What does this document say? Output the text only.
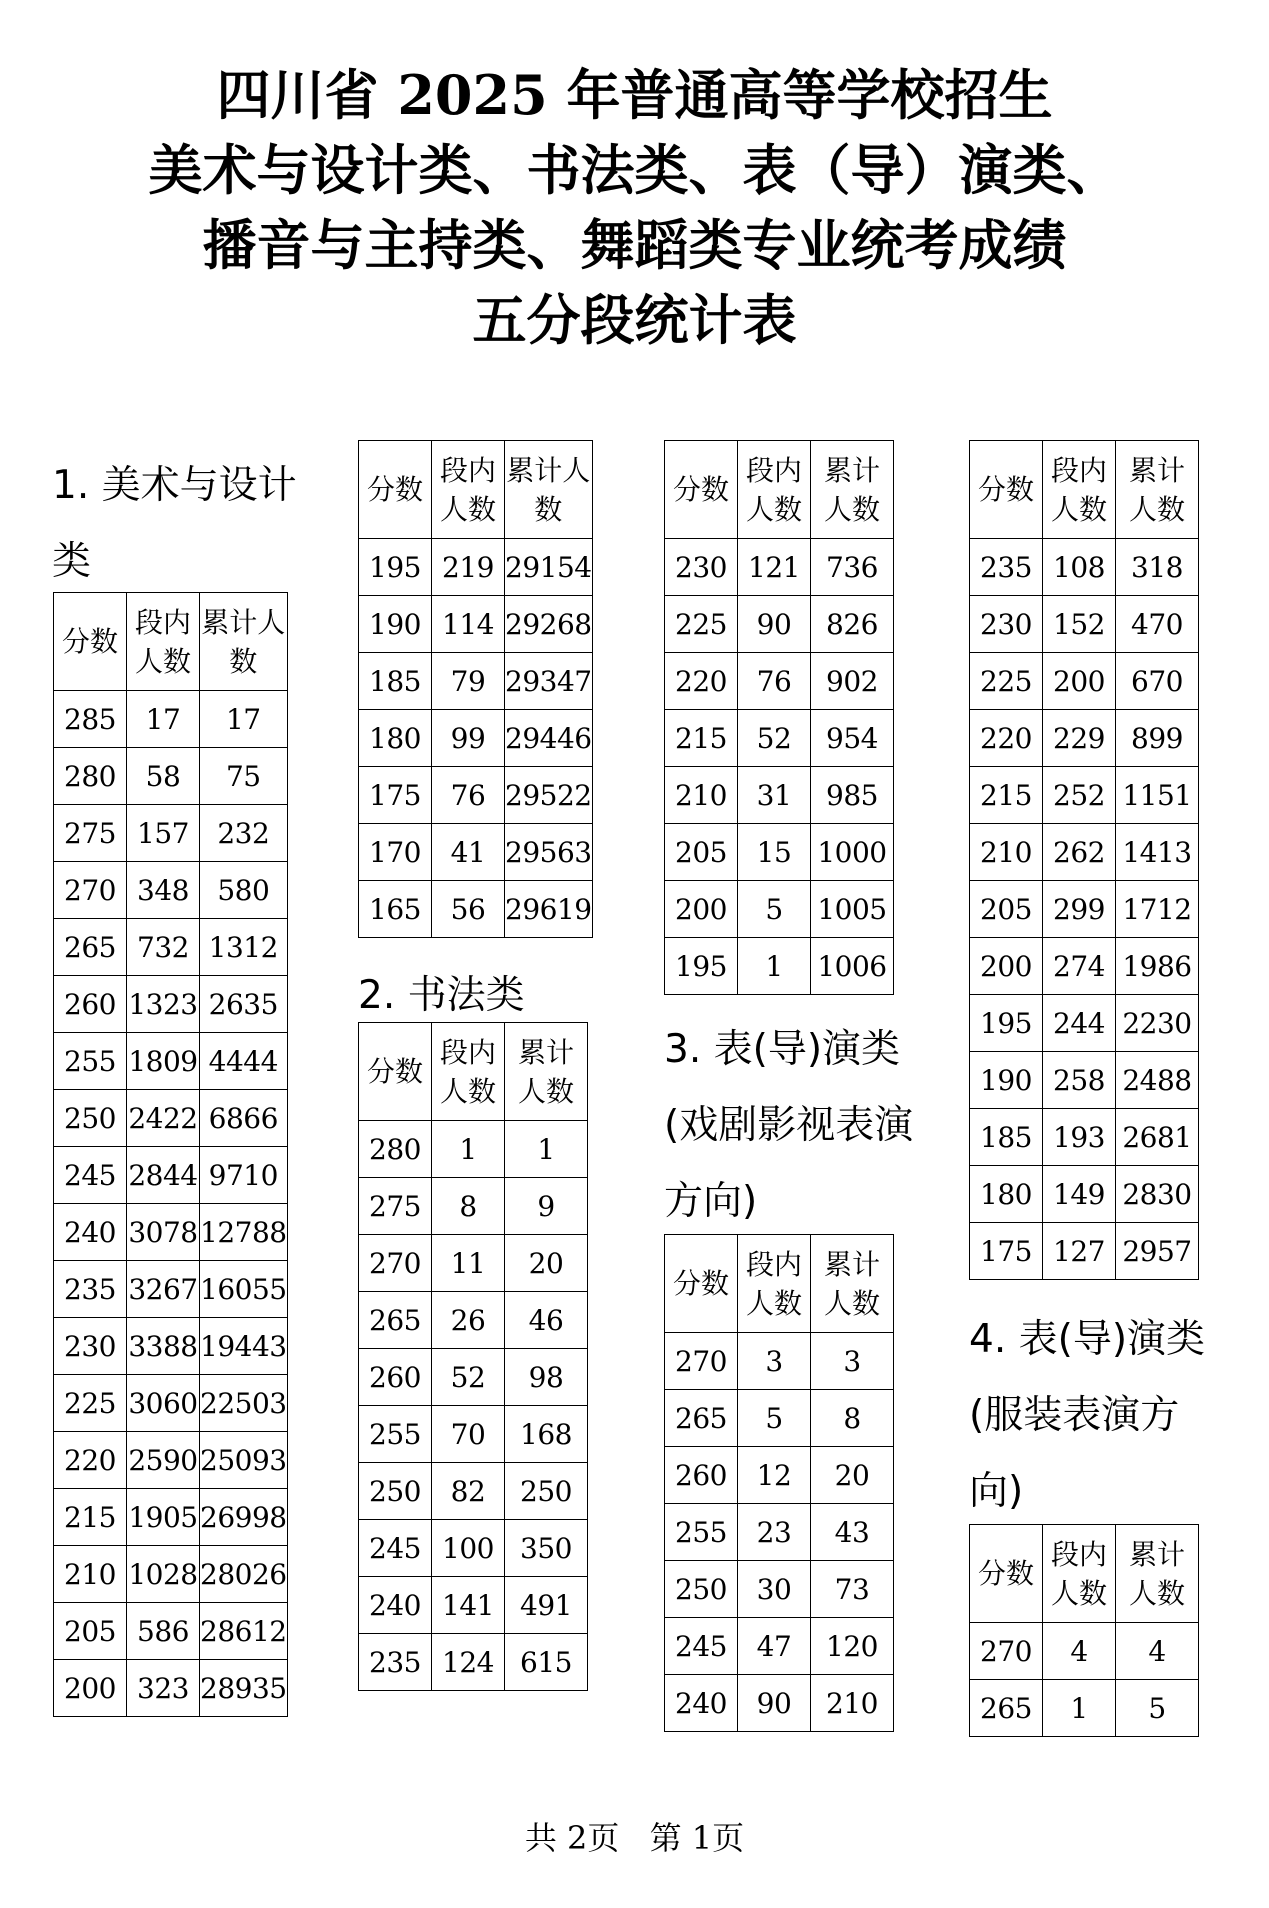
四川省 2025 年普通高等学校招生
美术与设计类、书法类、表（导）演类、
播音与主持类、舞蹈类专业统考成绩
五分段统计表
1. 美术与设计类
2. 书法类
3. 表(导)演类(戏剧影视表演方向)
4. 表(导)演类(服装表演方向)
分数	段内人数	累计人数
285	17	17
280	58	75
275	157	232
270	348	580
265	732	1312
260	1323	2635
255	1809	4444
250	2422	6866
245	2844	9710
240	3078	12788
235	3267	16055
230	3388	19443
225	3060	22503
220	2590	25093
215	1905	26998
210	1028	28026
205	586	28612
200	323	28935
分数	段内人数	累计人数
195	219	29154
190	114	29268
185	79	29347
180	99	29446
175	76	29522
170	41	29563
165	56	29619
分数	段内人数	累计人数
280	1	1
275	8	9
270	11	20
265	26	46
260	52	98
255	70	168
250	82	250
245	100	350
240	141	491
235	124	615
分数	段内人数	累计人数
230	121	736
225	90	826
220	76	902
215	52	954
210	31	985
205	15	1000
200	5	1005
195	1	1006
分数	段内人数	累计人数
270	3	3
265	5	8
260	12	20
255	23	43
250	30	73
245	47	120
240	90	210
分数	段内人数	累计人数
235	108	318
230	152	470
225	200	670
220	229	899
215	252	1151
210	262	1413
205	299	1712
200	274	1986
195	244	2230
190	258	2488
185	193	2681
180	149	2830
175	127	2957
分数	段内人数	累计人数
270	4	4
265	1	5
共 2页 第 1页
